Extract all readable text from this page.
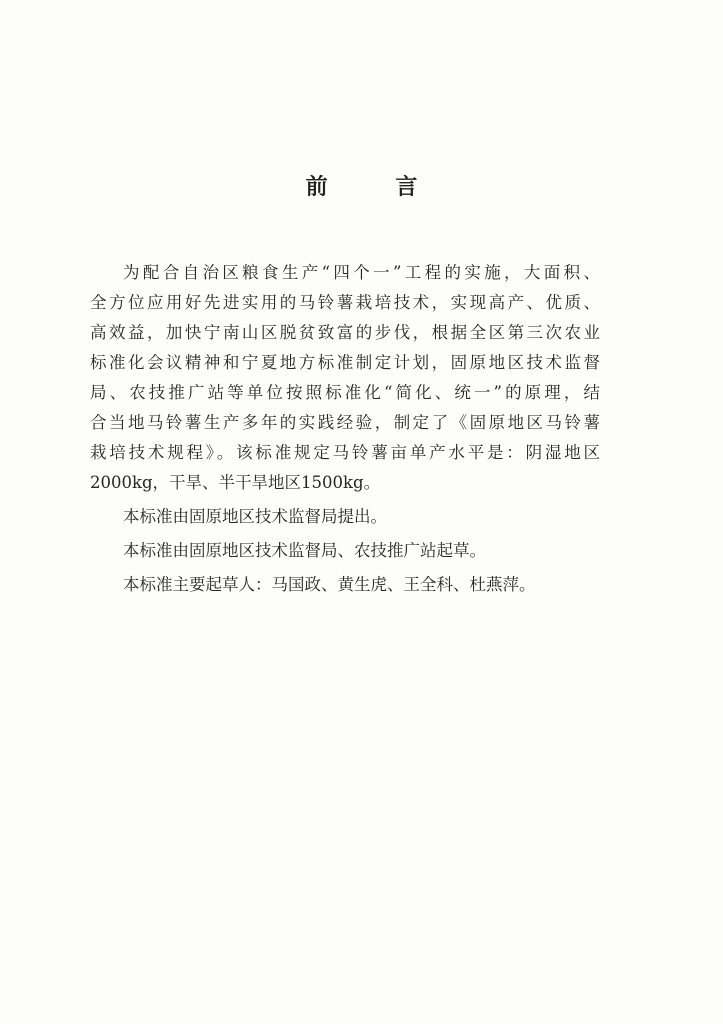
前 言
为配合自治区粮食生产“四个一”工程的实施，大面积、
全方位应用好先进实用的马铃薯栽培技术，实现高产、优质、
高效益，加快宁南山区脱贫致富的步伐，根据全区第三次农业
标准化会议精神和宁夏地方标准制定计划，固原地区技术监督
局、农技推广站等单位按照标准化“简化、统一”的原理，结
合当地马铃薯生产多年的实践经验，制定了《固原地区马铃薯
栽培技术规程》。该标准规定马铃薯亩单产水平是：阴湿地区
2000kg，干旱、半干旱地区1500kg。
本标准由固原地区技术监督局提出。
本标准由固原地区技术监督局、农技推广站起草。
本标准主要起草人：马国政、黄生虎、王全科、杜燕萍。
